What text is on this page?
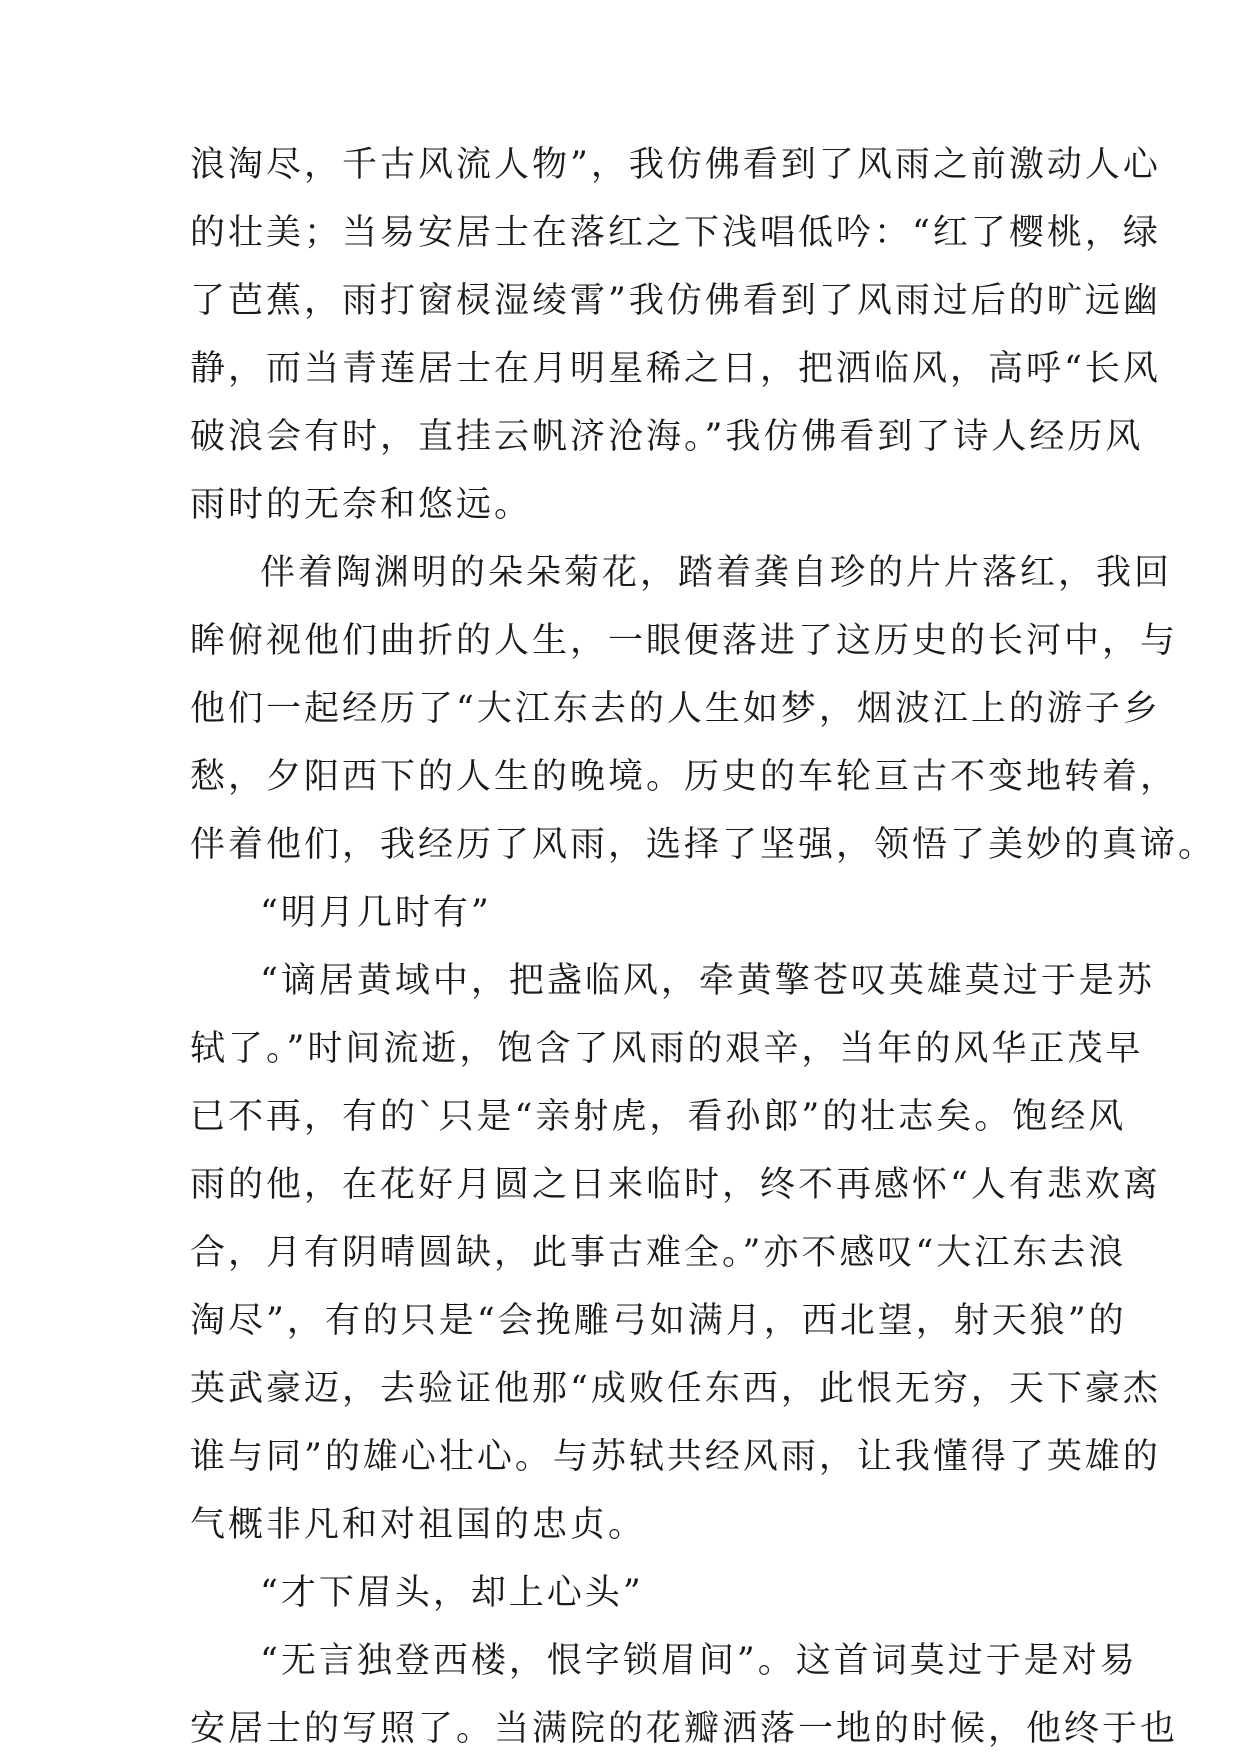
浪淘尽，千古风流人物”，我仿佛看到了风雨之前激动人心
的壮美；当易安居士在落红之下浅唱低吟：“红了樱桃，绿
了芭蕉，雨打窗棂湿绫霄”我仿佛看到了风雨过后的旷远幽
静，而当青莲居士在月明星稀之日，把洒临风，高呼“长风
破浪会有时，直挂云帆济沧海。”我仿佛看到了诗人经历风
雨时的无奈和悠远。
伴着陶渊明的朵朵菊花，踏着龚自珍的片片落红，我回
眸俯视他们曲折的人生，一眼便落进了这历史的长河中，与
他们一起经历了“大江东去的人生如梦，烟波江上的游子乡
愁，夕阳西下的人生的晚境。历史的车轮亘古不变地转着，
伴着他们，我经历了风雨，选择了坚强，领悟了美妙的真谛。
“明月几时有”
“谪居黄域中，把盏临风，牵黄擎苍叹英雄莫过于是苏
轼了。”时间流逝，饱含了风雨的艰辛，当年的风华正茂早
已不再，有的`只是“亲射虎，看孙郎”的壮志矣。饱经风
雨的他，在花好月圆之日来临时，终不再感怀“人有悲欢离
合，月有阴晴圆缺，此事古难全。”亦不感叹“大江东去浪
淘尽”，有的只是“会挽雕弓如满月，西北望，射天狼”的
英武豪迈，去验证他那“成败任东西，此恨无穷，天下豪杰
谁与同”的雄心壮心。与苏轼共经风雨，让我懂得了英雄的
气概非凡和对祖国的忠贞。
“才下眉头，却上心头”
“无言独登西楼，恨字锁眉间”。这首词莫过于是对易
安居士的写照了。当满院的花瓣洒落一地的时候，他终于也
